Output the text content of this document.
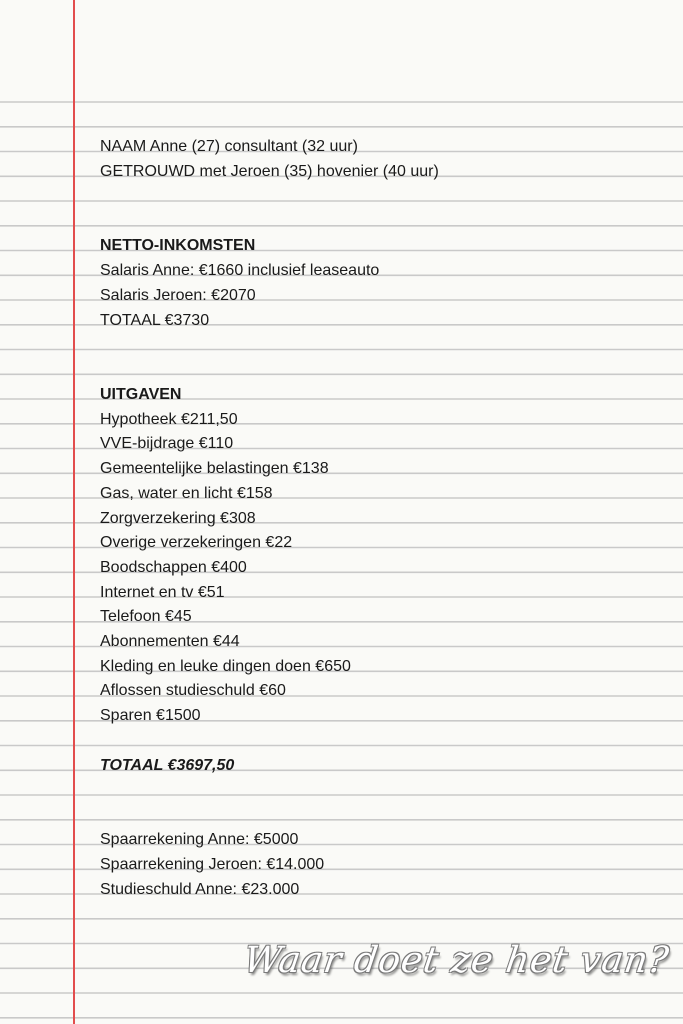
NAAM Anne (27) consultant (32 uur)
GETROUWD met Jeroen (35) hovenier (40 uur)
NETTO-INKOMSTEN
Salaris Anne: €1660 inclusief leaseauto
Salaris Jeroen: €2070
TOTAAL €3730
UITGAVEN
Hypotheek €211,50
VVE-bijdrage €110
Gemeentelijke belastingen €138
Gas, water en licht €158
Zorgverzekering €308
Overige verzekeringen €22
Boodschappen €400
Internet en tv €51
Telefoon €45
Abonnementen €44
Kleding en leuke dingen doen €650
Aflossen studieschuld €60
Sparen €1500
TOTAAL €3697,50
Spaarrekening Anne: €5000
Spaarrekening Jeroen: €14.000
Studieschuld Anne: €23.000
Waar doet ze het van?
